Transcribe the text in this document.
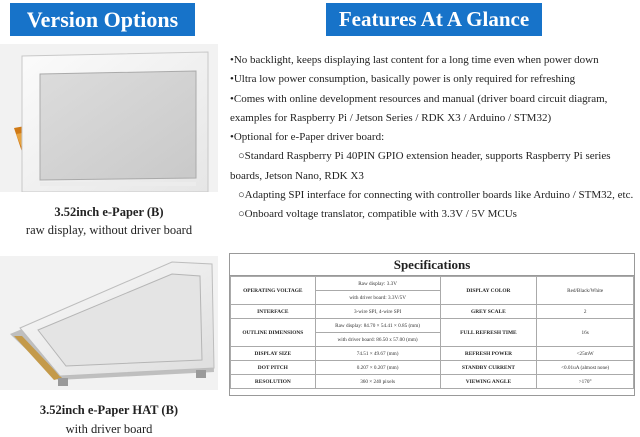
Version Options	Features At A Glance
3.52inch e-Paper (B)
raw display, without driver board
3.52inch e-Paper HAT (B)
with driver board
•No backlight, keeps displaying last content for a long time even when power down
•Ultra low power consumption, basically power is only required for refreshing
•Comes with online development resources and manual (driver board circuit diagram,
examples for Raspberry Pi / Jetson Series / RDK X3 / Arduino / STM32)
•Optional for e-Paper driver board:
○Standard Raspberry Pi 40PIN GPIO extension header, supports Raspberry Pi series
boards, Jetson Nano, RDK X3
○Adapting SPI interface for connecting with controller boards like Arduino / STM32, etc.
○Onboard voltage translator, compatible with 3.3V / 5V MCUs
Specifications
OPERATING VOLTAGE	Raw display: 3.3V	DISPLAY COLOR	Red/Black/White
	with driver board: 3.3V/5V		
INTERFACE	3-wire SPI, 4-wire SPI	GREY SCALE	2
OUTLINE DIMENSIONS	Raw display: 84.70 × 54.41 × 0.85 (mm)	FULL REFRESH TIME	16s
	with driver board: 86.50 x 57.00 (mm)		
DISPLAY SIZE	74.51 × 49.67 (mm)	REFRESH POWER	<25mW
DOT PITCH	0.207 × 0.207 (mm)	STANDBY CURRENT	<0.01uA (almost none)
RESOLUTION	360 × 240 pixels	VIEWING ANGLE	>170°
